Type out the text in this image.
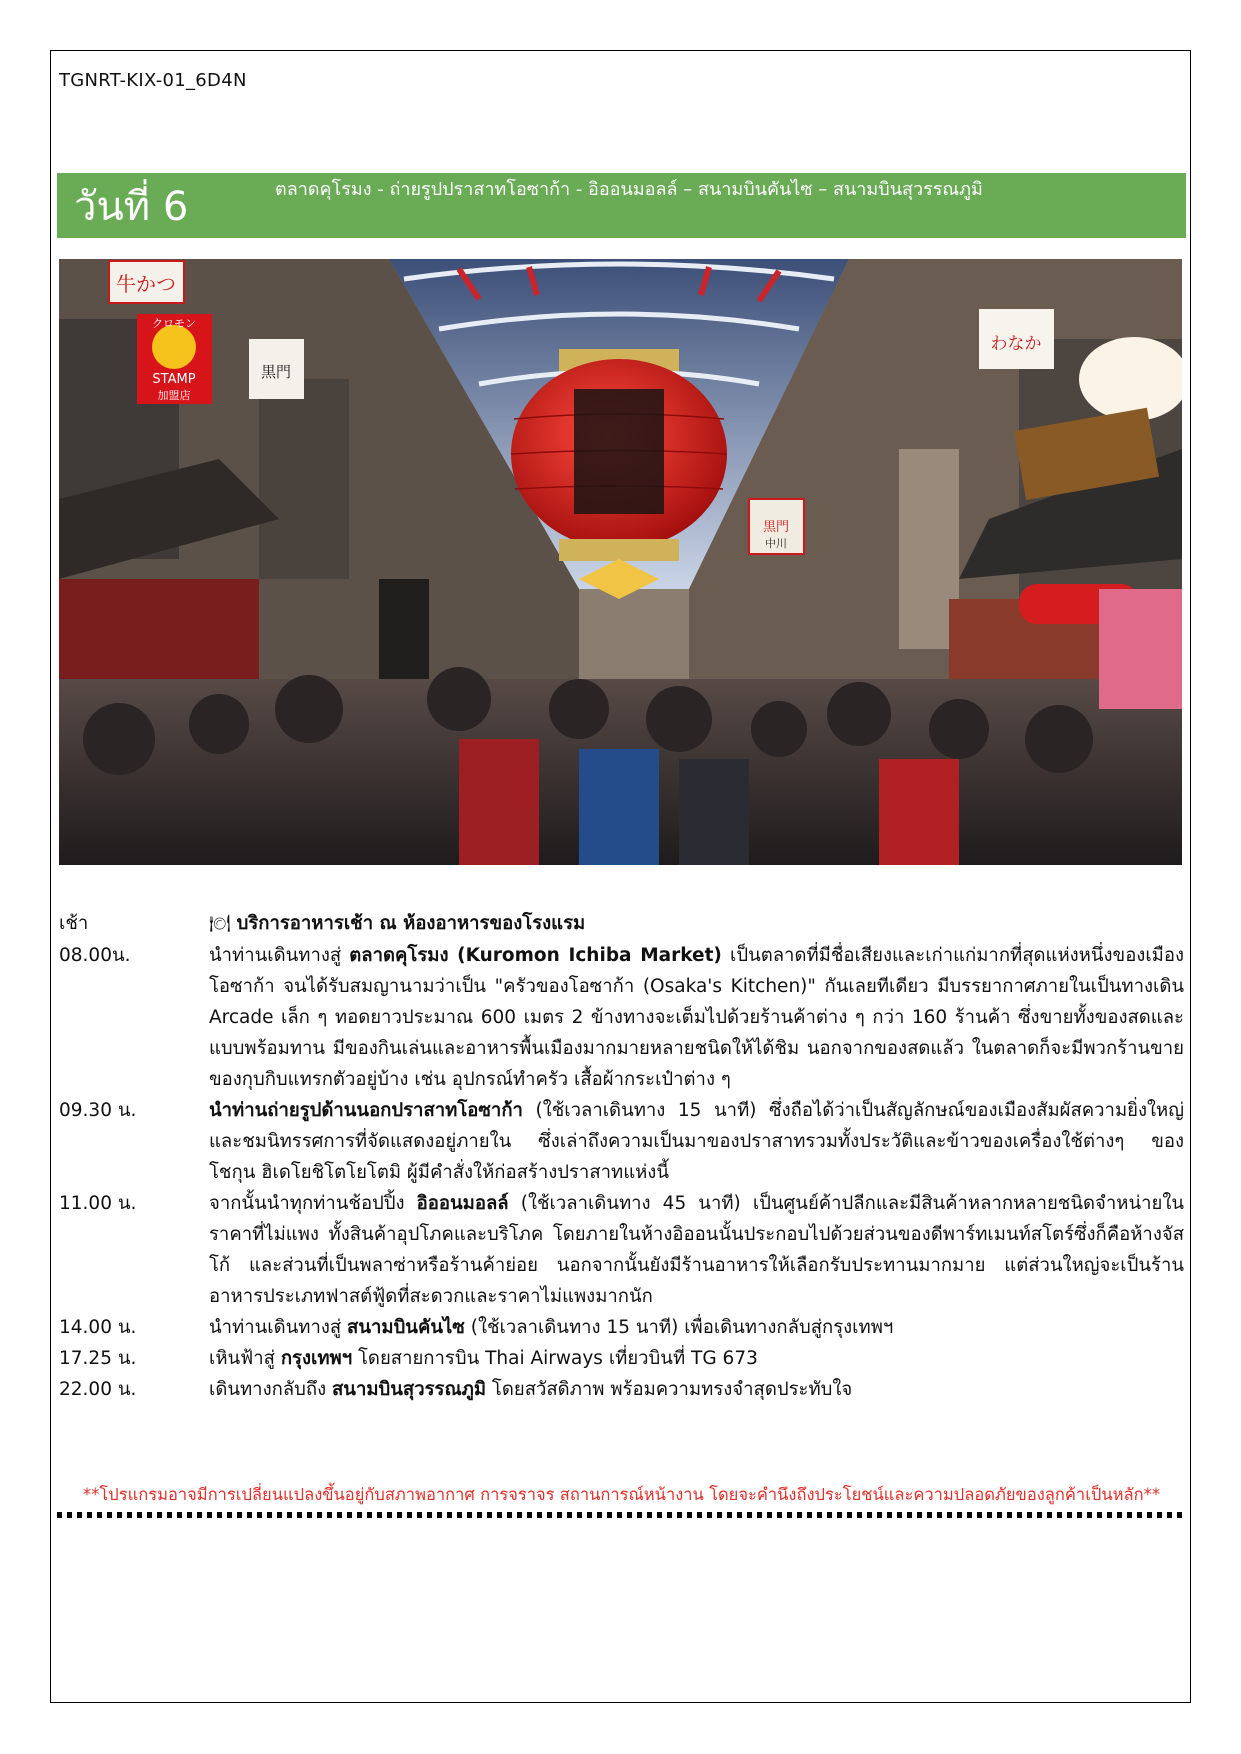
TGNRT-KIX-01_6D4N
วันที่ 6	ตลาดคุโรมง - ถ่ายรูปปราสาทโอซาก้า - อิออนมอลล์ – สนามบินคันไซ – สนามบินสุวรรณภูมิ
牛かつ
クロモン
STAMP
加盟店
黒門
わなか
黒門
中川
เช้า	🍽 บริการอาหารเช้า ณ ห้องอาหารของโรงแรม
08.00น.	นำท่านเดินทางสู่ ตลาดคุโรมง (Kuromon Ichiba Market) เป็นตลาดที่มีชื่อเสียงและเก่าแก่มากที่สุดแห่งหนึ่งของเมืองโอซาก้า จนได้รับสมญานามว่าเป็น "ครัวของโอซาก้า (Osaka's Kitchen)" กันเลยทีเดียว มีบรรยากาศภายในเป็นทางเดิน Arcade เล็ก ๆ ทอดยาวประมาณ 600 เมตร 2 ข้างทางจะเต็มไปด้วยร้านค้าต่าง ๆ กว่า 160 ร้านค้า ซึ่งขายทั้งของสดและแบบพร้อมทาน มีของกินเล่นและอาหารพื้นเมืองมากมายหลายชนิดให้ได้ชิม นอกจากของสดแล้ว ในตลาดก็จะมีพวกร้านขายของกุบกิบแทรกตัวอยู่บ้าง เช่น อุปกรณ์ทำครัว เสื้อผ้ากระเป๋าต่าง ๆ
09.30 น.	นำท่านถ่ายรูปด้านนอกปราสาทโอซาก้า (ใช้เวลาเดินทาง 15 นาที) ซึ่งถือได้ว่าเป็นสัญลักษณ์ของเมืองสัมผัสความยิ่งใหญ่และชมนิทรรศการที่จัดแสดงอยู่ภายใน ซึ่งเล่าถึงความเป็นมาของปราสาทรวมทั้งประวัติและข้าวของเครื่องใช้ต่างๆ ของโชกุน ฮิเดโยชิโตโยโตมิ ผู้มีคำสั่งให้ก่อสร้างปราสาทแห่งนี้
11.00 น.	จากนั้นนำทุกท่านช้อปปิ้ง อิออนมอลล์ (ใช้เวลาเดินทาง 45 นาที) เป็นศูนย์ค้าปลีกและมีสินค้าหลากหลายชนิดจำหน่ายในราคาที่ไม่แพง ทั้งสินค้าอุปโภคและบริโภค โดยภายในห้างอิออนนั้นประกอบไปด้วยส่วนของดีพาร์ทเมนท์สโตร์ซึ่งก็คือห้างจัสโก้ และส่วนที่เป็นพลาซ่าหรือร้านค้าย่อย นอกจากนั้นยังมีร้านอาหารให้เลือกรับประทานมากมาย แต่ส่วนใหญ่จะเป็นร้านอาหารประเภทฟาสต์ฟู้ดที่สะดวกและราคาไม่แพงมากนัก
14.00 น.	นำท่านเดินทางสู่ สนามบินคันไซ (ใช้เวลาเดินทาง 15 นาที) เพื่อเดินทางกลับสู่กรุงเทพฯ
17.25 น.	เหินฟ้าสู่ กรุงเทพฯ โดยสายการบิน Thai Airways เที่ยวบินที่ TG 673
22.00 น.	เดินทางกลับถึง สนามบินสุวรรณภูมิ โดยสวัสดิภาพ พร้อมความทรงจำสุดประทับใจ
**โปรแกรมอาจมีการเปลี่ยนแปลงขึ้นอยู่กับสภาพอากาศ การจราจร สถานการณ์หน้างาน โดยจะคำนึงถึงประโยชน์และความปลอดภัยของลูกค้าเป็นหลัก**
